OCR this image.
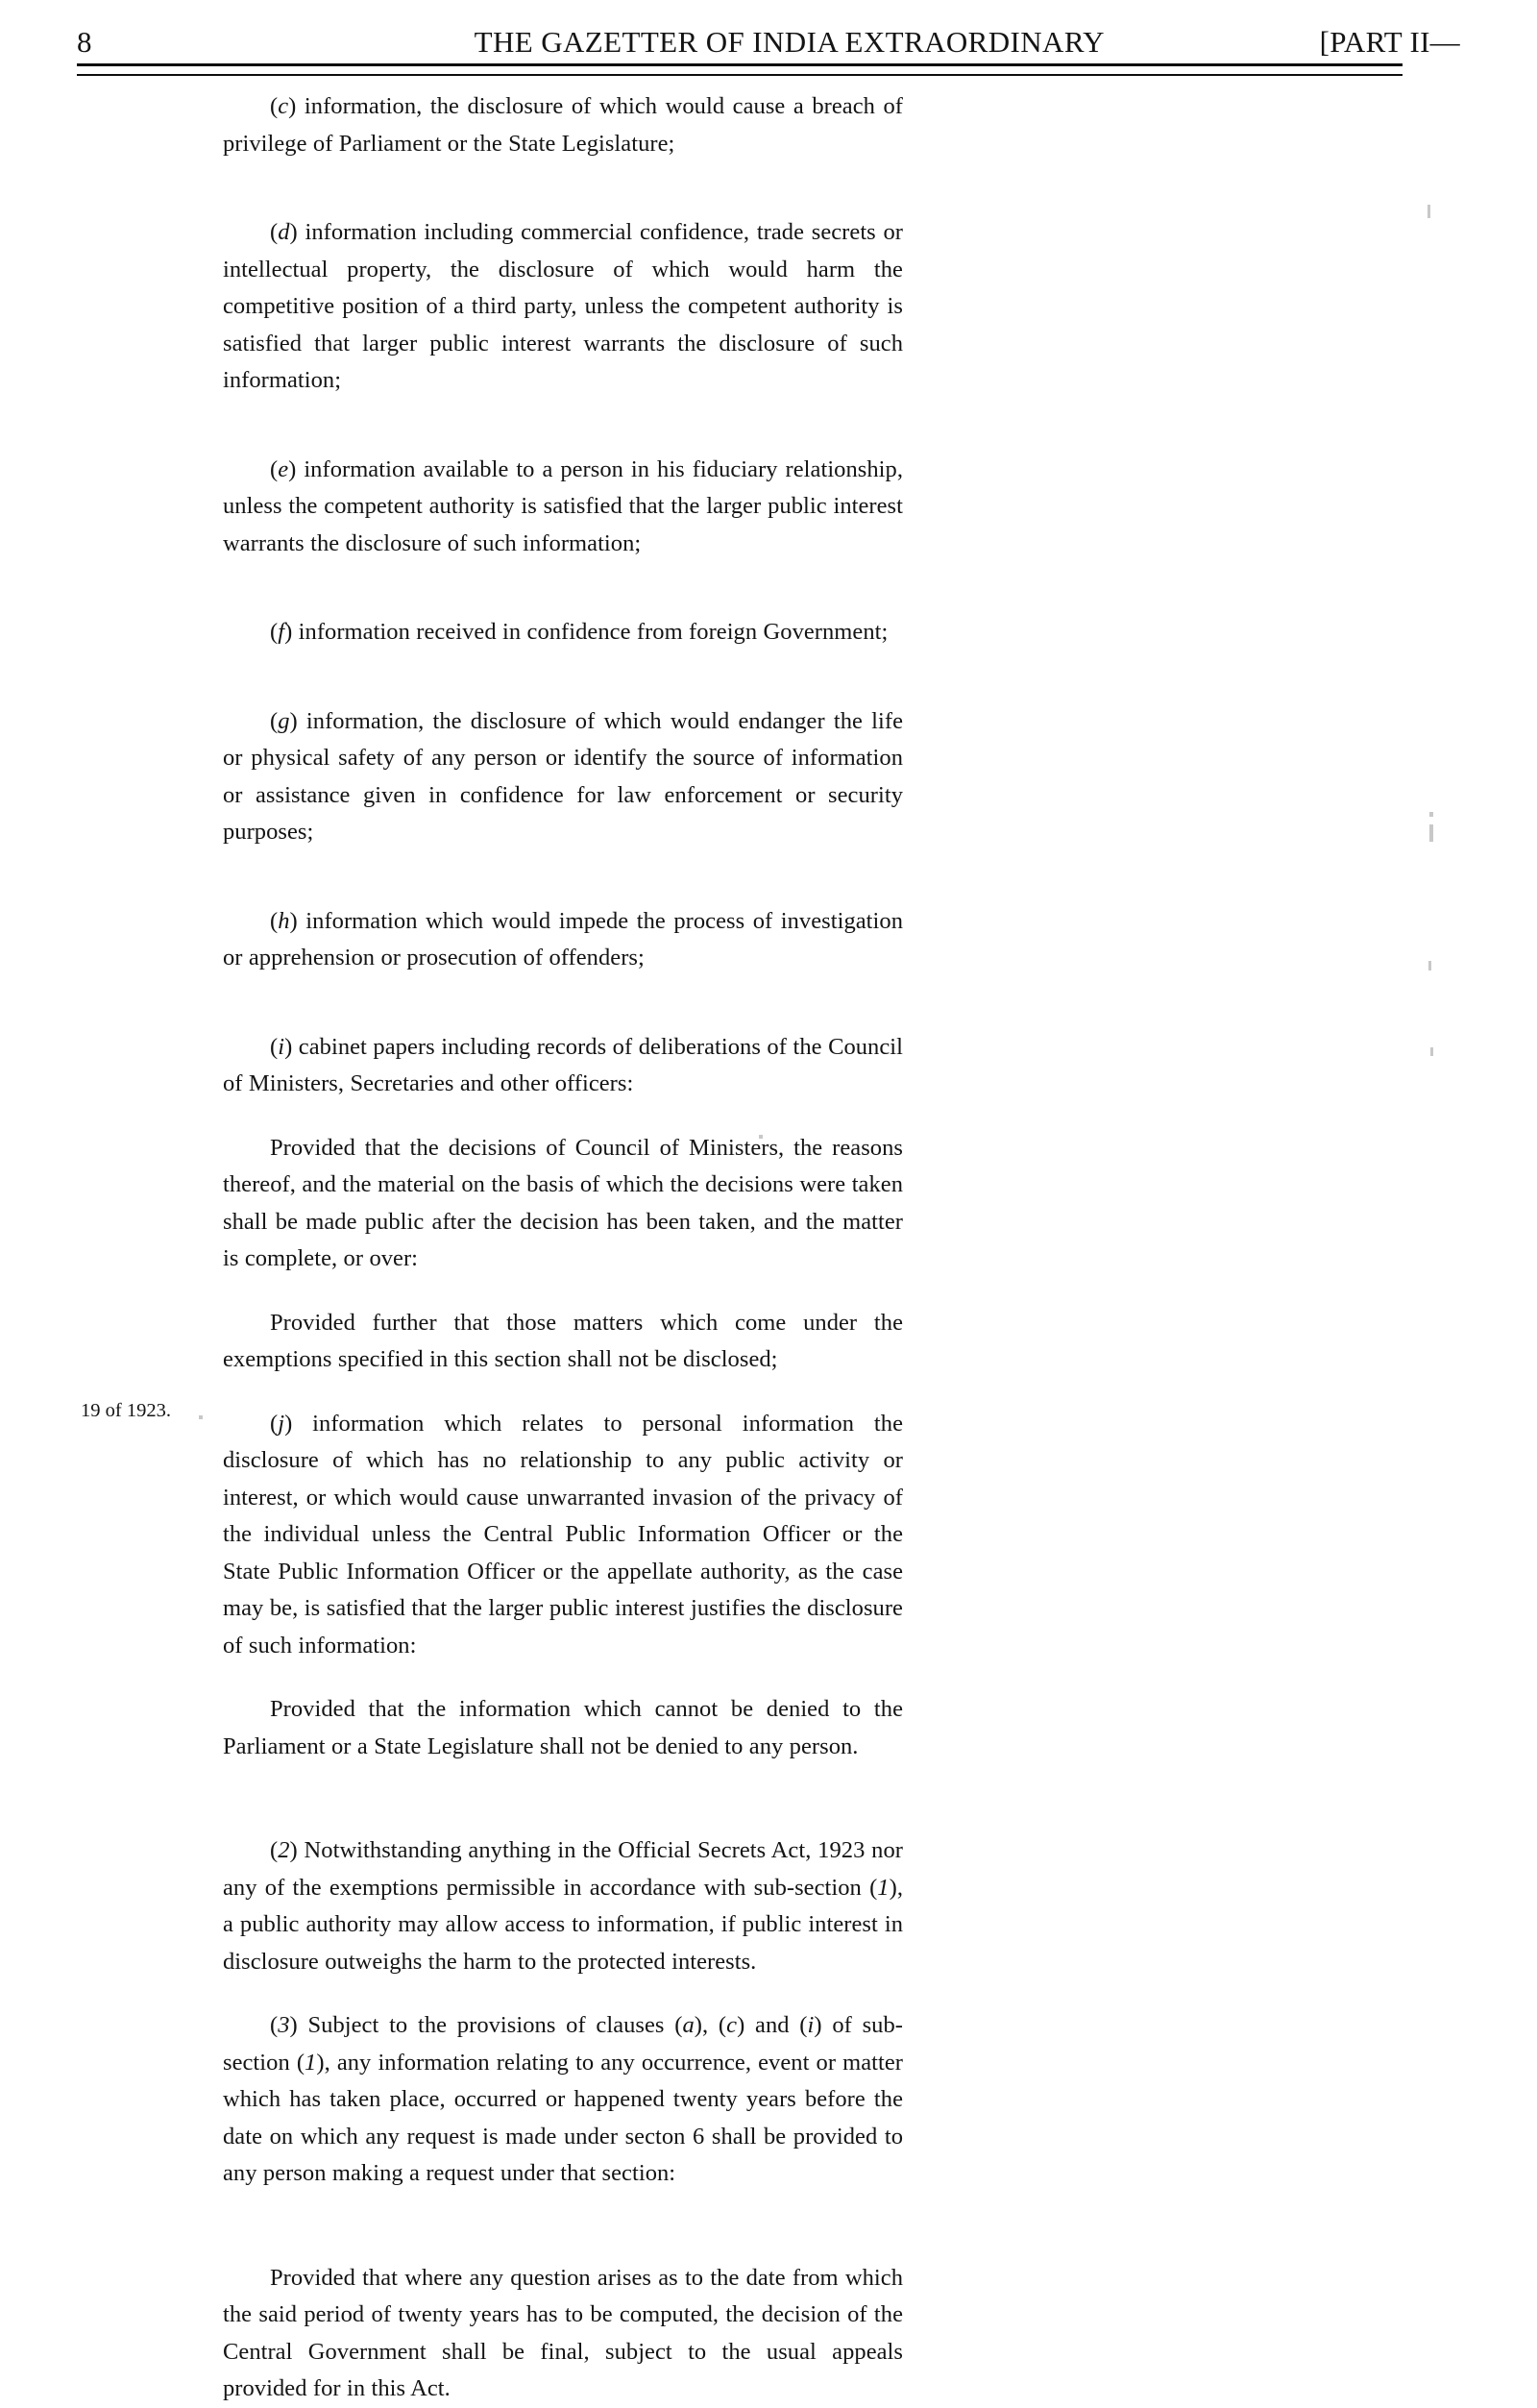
8	THE GAZETTER OF INDIA EXTRAORDINARY	[PART II—
19 of 1923.

(c) information, the disclosure of which would cause a breach of privilege of Parliament or the State Legislature;

(d) information including commercial confidence, trade secrets or intellectual property, the disclosure of which would harm the competitive position of a third party, unless the competent authority is satisfied that larger public interest warrants the disclosure of such information;

(e) information available to a person in his fiduciary relationship, unless the competent authority is satisfied that the larger public interest warrants the disclosure of such information;

(f) information received in confidence from foreign Government;

(g) information, the disclosure of which would endanger the life or physical safety of any person or identify the source of information or assistance given in confidence for law enforcement or security purposes;

(h) information which would impede the process of investigation or apprehension or prosecution of offenders;

(i) cabinet papers including records of deliberations of the Council of Ministers, Secretaries and other officers:

Provided that the decisions of Council of Ministers, the reasons thereof, and the material on the basis of which the decisions were taken shall be made public after the decision has been taken, and the matter is complete, or over:

Provided further that those matters which come under the exemptions specified in this section shall not be disclosed;

(j) information which relates to personal information the disclosure of which has no relationship to any public activity or interest, or which would cause unwarranted invasion of the privacy of the individual unless the Central Public Information Officer or the State Public Information Officer or the appellate authority, as the case may be, is satisfied that the larger public interest justifies the disclosure of such information:

Provided that the information which cannot be denied to the Parliament or a State Legislature shall not be denied to any person.

(2) Notwithstanding anything in the Official Secrets Act, 1923 nor any of the exemptions permissible in accordance with sub-section (1), a public authority may allow access to information, if public interest in disclosure outweighs the harm to the protected interests.

(3) Subject to the provisions of clauses (a), (c) and (i) of sub-section (1), any information relating to any occurrence, event or matter which has taken place, occurred or happened twenty years before the date on which any request is made under secton 6 shall be provided to any person making a request under that section:

Provided that where any question arises as to the date from which the said period of twenty years has to be computed, the decision of the Central Government shall be final, subject to the usual appeals provided for in this Act.
